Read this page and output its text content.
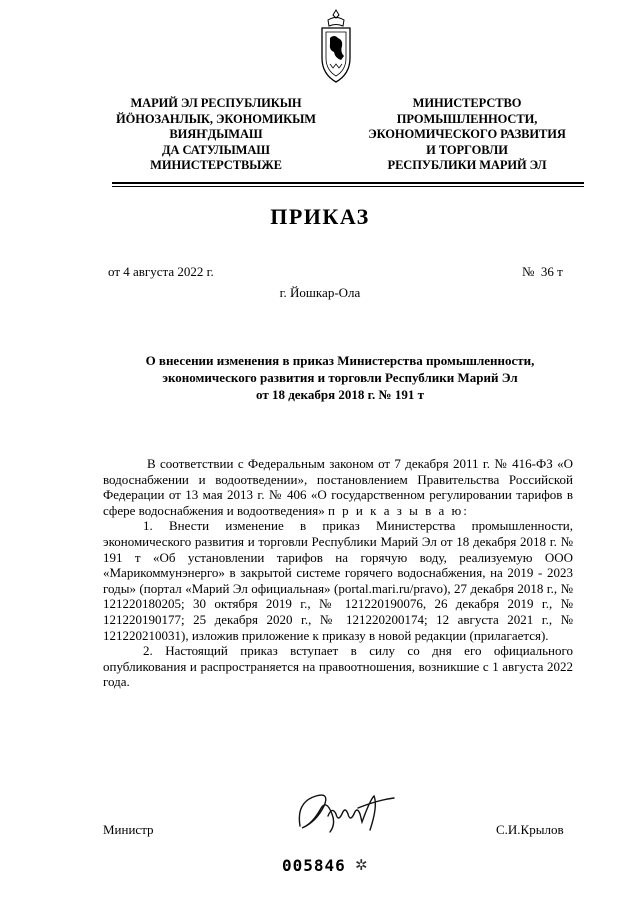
МАРИЙ ЭЛ РЕСПУБЛИКЫН
ЙӦНОЗАНЛЫК, ЭКОНОМИКЫМ
ВИЯҤДЫМАШ
ДА САТУЛЫМАШ
МИНИСТЕРСТВЫЖЕ
МИНИСТЕРСТВО
ПРОМЫШЛЕННОСТИ,
ЭКОНОМИЧЕСКОГО РАЗВИТИЯ
И ТОРГОВЛИ
РЕСПУБЛИКИ МАРИЙ ЭЛ
ПРИКАЗ
от 4 августа 2022 г.	№ 36 т
г. Йошкар-Ола
О внесении изменения в приказ Министерства промышленности,
экономического развития и торговли Республики Марий Эл
от 18 декабря 2018 г. № 191 т

В соответствии с Федеральным законом от 7 декабря 2011 г. № 416-ФЗ «О водоснабжении и водоотведении», постановлением Правительства Российской Федерации от 13 мая 2013 г. № 406 «О государственном регулировании тарифов в сфере водоснабжения и водоотведения» п р и к а з ы в а ю:

1. Внести изменение в приказ Министерства промышленности, экономического развития и торговли Республики Марий Эл от 18 декабря 2018 г. № 191 т «Об установлении тарифов на горячую воду, реализуемую ООО «Марикоммунэнерго» в закрытой системе горячего водоснабжения, на 2019 - 2023 годы» (портал «Марий Эл официальная» (portal.mari.ru/pravo), 27 декабря 2018 г., № 121220180205; 30 октября 2019 г., № 121220190076, 26 декабря 2019 г., № 121220190177; 25 декабря 2020 г., № 121220200174; 12 августа 2021 г., № 121220210031), изложив приложение к приказу в новой редакции (прилагается).

2. Настоящий приказ вступает в силу со дня его официального опубликования и распространяется на правоотношения, возникшие с 1 августа 2022 года.

Министр	С.И.Крылов
005846 ✲
